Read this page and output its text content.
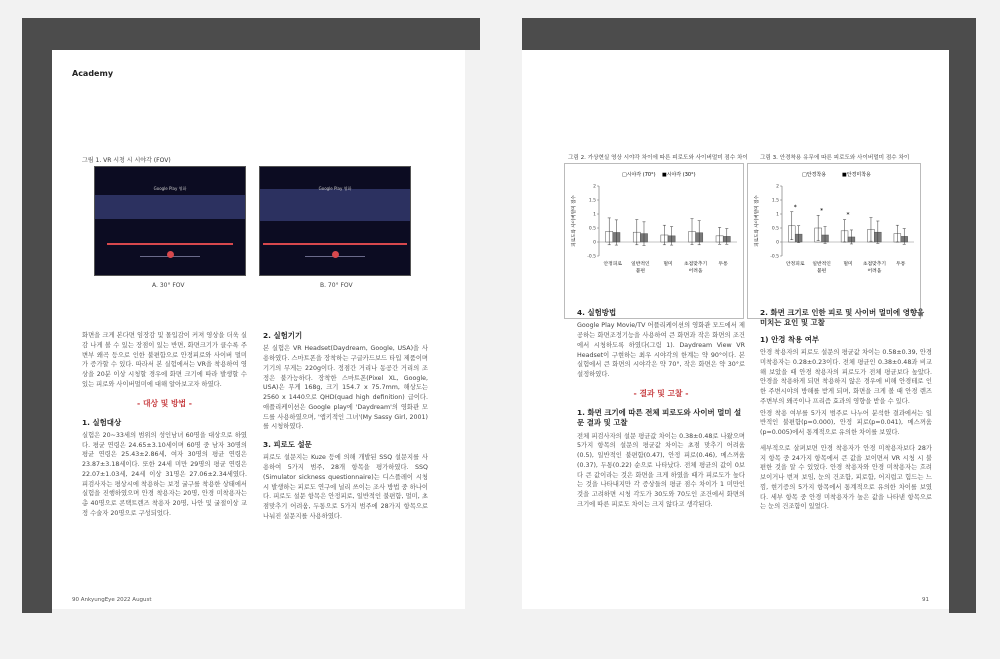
Academy
그림 1. VR 시청 시 시야각 (FOV)
Google Play 영화	Google Play 영화
A. 30° FOV	B. 70° FOV

화면을 크게 본다면 임장감 및 몰입감이 커져 영상을 더욱 실감 나게 볼 수 있는 장점이 있는 반면, 화면크기가 클수록 주변부 왜곡 등으로 인한 불편함으로 안정피로와 사이버 멀미가 증가할 수 있다. 따라서 본 실험에서는 VR을 착용하여 영상을 20분 이상 시청할 경우에 화면 크기에 따라 발생할 수 있는 피로와 사이버멀미에 대해 알아보고자 하였다.

- 대상 및 방법 -
1. 실험대상

실험은 20~33세의 범위의 성인남녀 60명을 대상으로 하였다. 평균 연령은 24.65±3.10세이며 60명 중 남자 30명의 평균 연령은 25.43±2.86세, 여자 30명의 평균 연령은 23.87±3.18세이다. 또한 24세 미만 29명의 평균 연령은 22.07±1.03세, 24세 이상 31명은 27.06±2.34세였다. 피검사자는 평상시에 착용하는 보정 굴구를 착용한 상태에서 실험을 진행하였으며 안경 착용자는 20명, 안경 미착용자는 총 40명으로 콘택트렌즈 착용자 20명, 나안 및 굴절이상 교정 수술자 20명으로 구성되었다.

2. 실험기기

본 실험은 VR Headset(Daydream, Google, USA)을 사용하였다. 스마트폰을 장착하는 구글카드보드 타입 제품이며 기기의 무게는 220g이다. 정점간 거리나 동공간 거리의 조정은 불가능하다. 장착한 스마트폰(Pixel XL, Google, USA)은 무게 168g, 크기 154.7 x 75.7mm, 해상도는 2560 x 1440으로 QHD(quad high definition) 급이다. 애플리케이션은 Google play에 'Daydream'의 영화관 모드를 사용하였으며, '앱키적인 그녀'(My Sassy Girl, 2001)를 시청하였다.

3. 피로도 설문

피로도 설문지는 Kuze 등에 의해 개발된 SSQ 설문지를 사용하여 5가지 범주, 28개 항목을 평가하였다. SSQ (Simulator sickness questionnaire)는 디스플레이 시청시 발생하는 피로도 연구에 널리 쓰이는 조사 방법 중 하나이다. 피로도 설문 항목은 안정피로, 일반적인 불편함, 멀미, 초점맞추기 어려움, 두통으로 5가지 범주에 28가지 항목으로 나눠진 설문지를 사용하였다.

90 AnkyungEye 2022 August
그림 2. 가상현실 영상 시야각 차이에 따른 피로도와 사이버멀미 점수 차이 그림 3. 안경착용 유무에 따른 피로도와 사이버멀미 점수 차이
□시야각 (70°) ■시야각 (30°)
피로도와 사이버멀미 점수
2
1.5
1
0.5
0
-0.5
안정피로 일반적인
불편
멀미 초점맞추기
어려움
두통
□안경착용	■안경미착용
피로도와 사이버멀미 점수
2
1.5
1
0.5
0
-0.5
*
안정피로
*
일반적인
불편
*
멀미 초점맞추기
어려움
두통
4. 실험방법

Google Play Movie/TV 어플리케이션의 영화관 모드에서 제공하는 화면조정기능을 사용하여 큰 화면과 작은 화면의 조건에서 시청하도록 하였다(그림 1). Daydream View VR Headset이 구현하는 최우 시야각의 한계는 약 90°이다. 본 실험에서 큰 화면의 시야각은 약 70°, 작은 화면은 약 30°로 설정하였다.

- 결과 및 고찰 -
1. 화면 크기에 따른 전체 피로도와 사이버 멀미 설문 결과 및 고찰

전체 피검사자의 설문 평균값 차이는 0.38±0.48로 나왔으며 5가지 항목의 설문의 평균값 차이는 초점 맞추기 어려움(0.5), 일반적인 불편함(0.47), 안정 피로(0.46), 메스꺼움(0.37), 두통(0.22) 순으로 나타났다. 전체 평균의 값이 0보다 큰 값이라는 것은 화면을 크게 하였을 때가 피로도가 높다는 것을 나타내지만 각 증상들의 평균 점수 차이가 1 미만인 것을 고려하면 시청 각도가 30도와 70도인 조건에서 화면의 크기에 따른 피로도 차이는 크지 않다고 생각된다.

2. 화면 크기로 인한 피로 및 사이버 멀미에 영향을 미치는 요인 및 고찰
1) 안경 착용 여부

안경 착용자의 피로도 설문의 평균값 차이는 0.58±0.39, 안경 미착용자는 0.28±0.23이다. 전체 평균인 0.38±0.48과 비교해 보았을 때 안경 착용자의 피로도가 전체 평균보다 높았다. 안경을 착용하게 되면 착용하지 않은 경우에 비해 안경테로 인한 주변시야의 방해를 받게 되며, 화면을 크게 볼 때 안경 렌즈 주변부의 왜곡이나 프리즘 효과의 영향을 받을 수 있다.

안경 착용 여부를 5가지 범주로 나누어 분석한 결과에서는 일반적인 불편함(p=0.000), 안정 피로(p=0.041), 메스꺼움(p=0.005)에서 통계적으로 유의한 차이를 보였다.

세부적으로 살펴보면 안경 착용자가 안경 미착용자보다 28가지 항목 중 24가지 항목에서 큰 값을 보이면서 VR 시청 시 불편한 것을 알 수 있었다. 안경 착용자와 안경 미착용자는 흐려 보이거나 번져 보임, 눈의 건조함, 피로함, 어지럽고 힘드는 느낌, 현기증의 5가지 항목에서 통계적으로 유의한 차이를 보였다. 세부 항목 중 안경 미착용자가 높은 값을 나타낸 항목으로는 눈의 건조함이 있었다.

91
